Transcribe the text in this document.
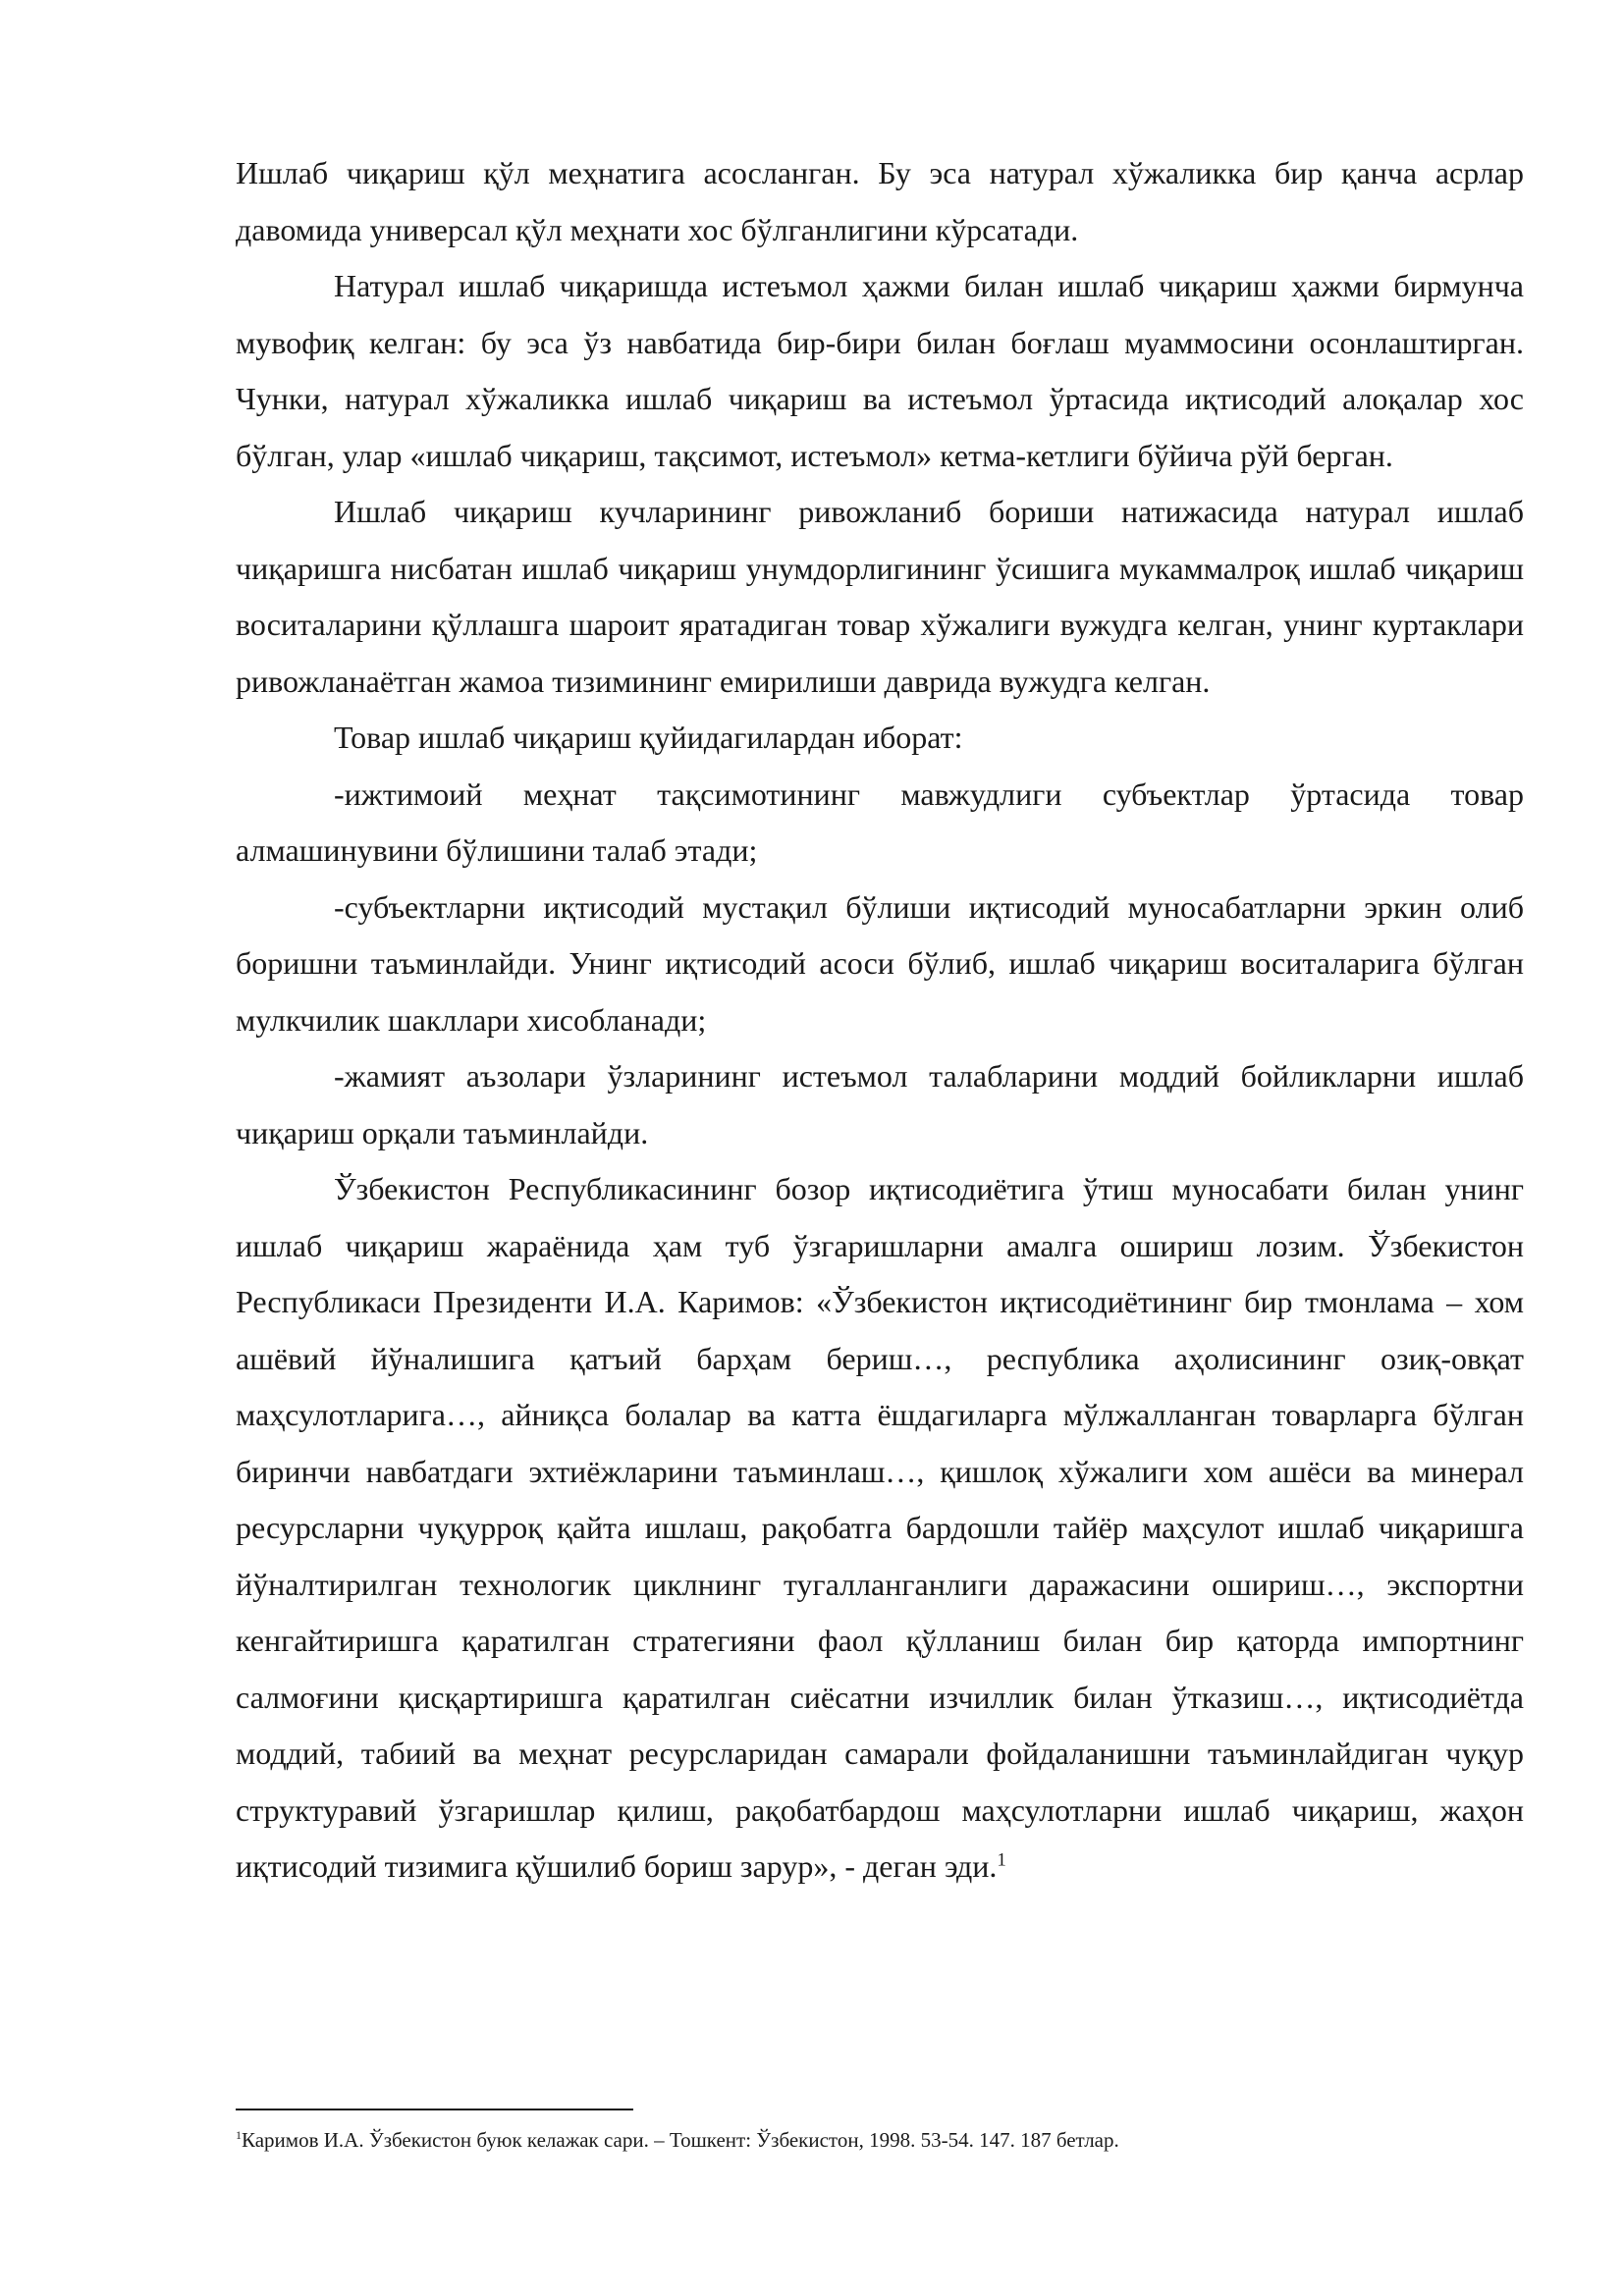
Ишлаб чиқариш қўл меҳнатига асосланган. Бу эса натурал хўжаликка бир қанча асрлар давомида универсал қўл меҳнати хос бўлганлигини кўрсатади.

Натурал ишлаб чиқаришда истеъмол ҳажми билан ишлаб чиқариш ҳажми бирмунча мувофиқ келган: бу эса ўз навбатида бир-бири билан боғлаш муаммосини осонлаштирган. Чунки, натурал хўжаликка ишлаб чиқариш ва истеъмол ўртасида иқтисодий алоқалар хос бўлган, улар «ишлаб чиқариш, тақсимот, истеъмол» кетма-кетлиги бўйича рўй берган.

Ишлаб чиқариш кучларининг ривожланиб бориши натижасида натурал ишлаб чиқаришга нисбатан ишлаб чиқариш унумдорлигининг ўсишига мукаммалроқ ишлаб чиқариш воситаларини қўллашга шароит яратадиган товар хўжалиги вужудга келган, унинг куртаклари ривожланаётган жамоа тизимининг емирилиши даврида вужудга келган.

Товар ишлаб чиқариш қуйидагилардан иборат:

-ижтимоий меҳнат тақсимотининг мавжудлиги субъектлар ўртасида товар алмашинувини бўлишини талаб этади;

-субъектларни иқтисодий мустақил бўлиши иқтисодий муносабатларни эркин олиб боришни таъминлайди. Унинг иқтисодий асоси бўлиб, ишлаб чиқариш воситаларига бўлган мулкчилик шакллари хисобланади;

-жамият аъзолари ўзларининг истеъмол талабларини моддий бойликларни ишлаб чиқариш орқали таъминлайди.

Ўзбекистон Республикасининг бозор иқтисодиётига ўтиш муносабати билан унинг ишлаб чиқариш жараёнида ҳам туб ўзгаришларни амалга ошириш лозим. Ўзбекистон Республикаси Президенти И.А. Каримов: «Ўзбекистон иқтисодиётининг бир тмонлама – хом ашёвий йўналишига қатъий барҳам бериш…, республика аҳолисининг озиқ-овқат маҳсулотларига…, айниқса болалар ва катта ёшдагиларга мўлжалланган товарларга бўлган биринчи навбатдаги эхтиёжларини таъминлаш…, қишлоқ хўжалиги хом ашёси ва минерал ресурсларни чуқурроқ қайта ишлаш, рақобатга бардошли тайёр маҳсулот ишлаб чиқаришга йўналтирилган технологик циклнинг тугалланганлиги даражасини ошириш…, экспортни кенгайтиришга қаратилган стратегияни фаол қўлланиш билан бир қаторда импортнинг салмоғини қисқартиришга қаратилган сиёсатни изчиллик билан ўтказиш…, иқтисодиётда моддий, табиий ва меҳнат ресурсларидан самарали фойдаланишни таъминлайдиган чуқур структуравий ўзгаришлар қилиш, рақобатбардош маҳсулотларни ишлаб чиқариш, жаҳон иқтисодий тизимига қўшилиб бориш зарур», - деган эди.$^1$

$^1$Каримов И.А. Ўзбекистон буюк келажак сари. – Тошкент: Ўзбекистон, 1998. 53-54. 147. 187 бетлар.
